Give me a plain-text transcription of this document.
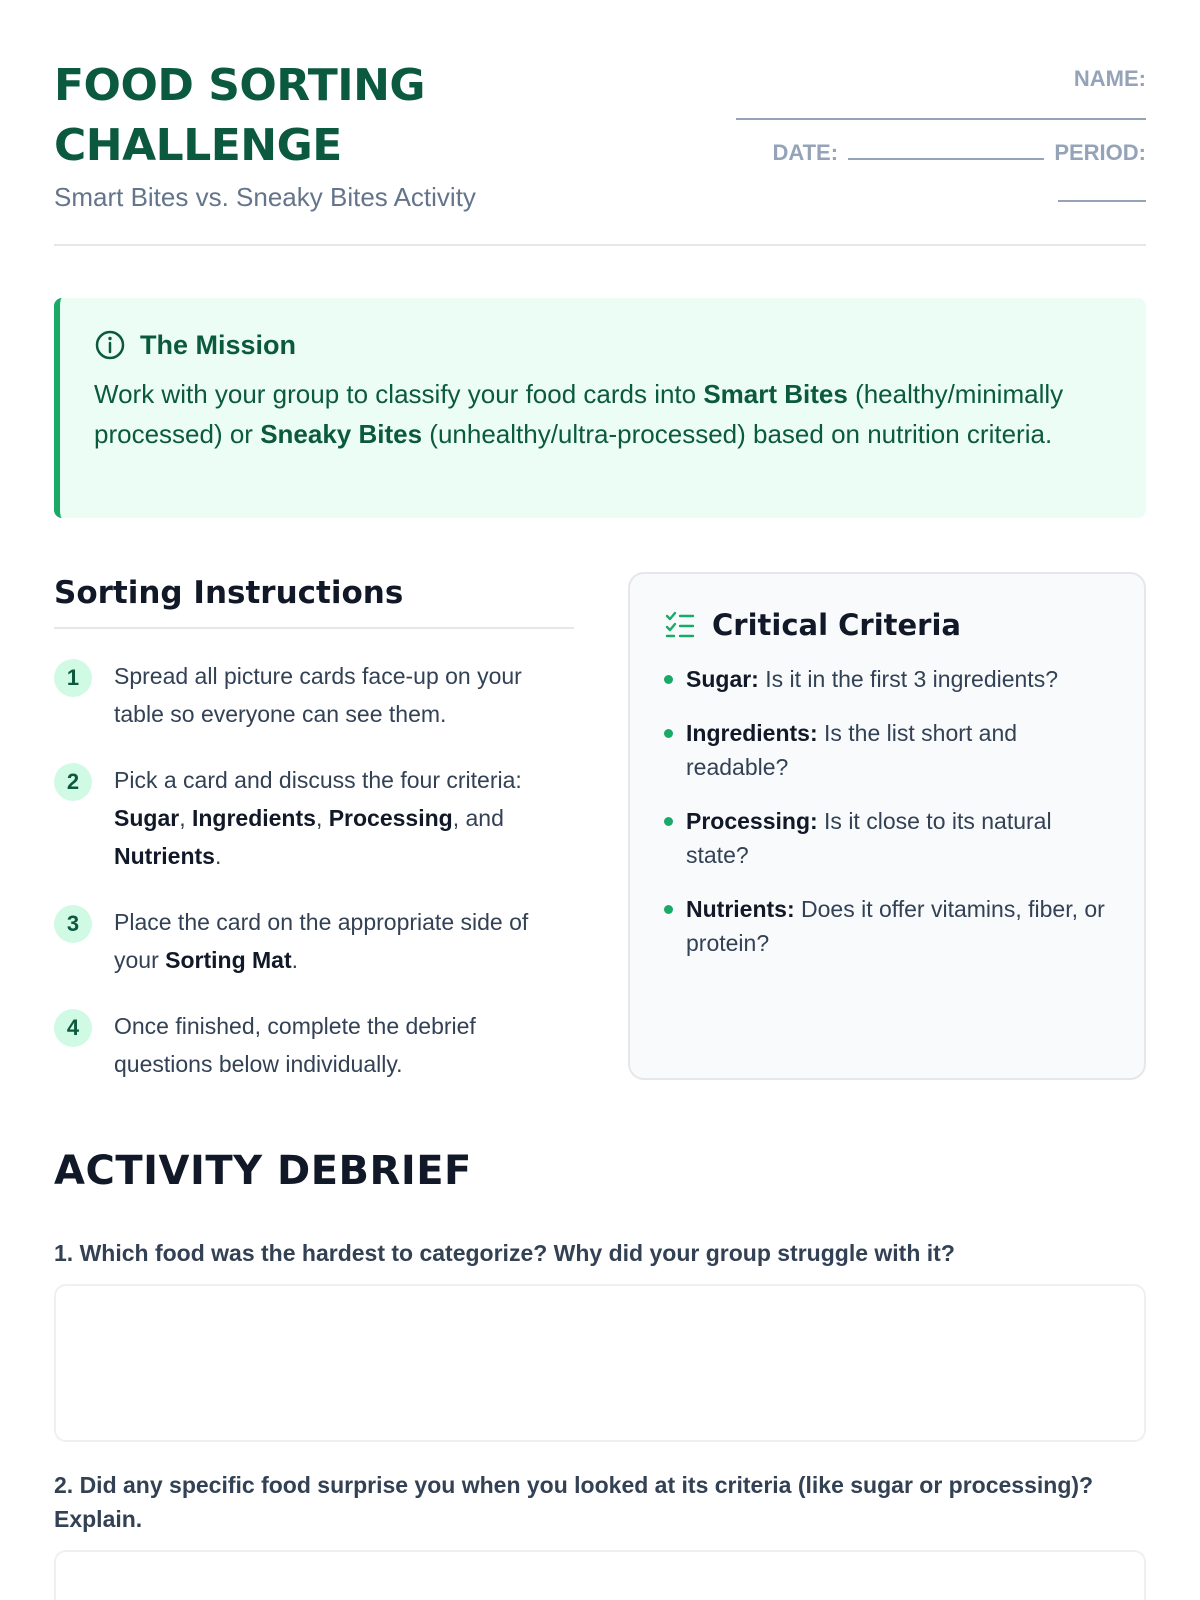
FOOD SORTING
CHALLENGE
Smart Bites vs. Sneaky Bites Activity
NAME:
DATE:	PERIOD:
The Mission
Work with your group to classify your food cards into Smart Bites (healthy/minimally processed) or Sneaky Bites (unhealthy/ultra-processed) based on nutrition criteria.
Sorting Instructions
1	Spread all picture cards face-up on your table so everyone can see them.
2	Pick a card and discuss the four criteria: Sugar, Ingredients, Processing, and Nutrients.
3	Place the card on the appropriate side of your Sorting Mat.
4	Once finished, complete the debrief questions below individually.
Critical Criteria
Sugar: Is it in the first 3 ingredients?
Ingredients: Is the list short and readable?
Processing: Is it close to its natural state?
Nutrients: Does it offer vitamins, fiber, or protein?
ACTIVITY DEBRIEF
1. Which food was the hardest to categorize? Why did your group struggle with it?
2. Did any specific food surprise you when you looked at its criteria (like sugar or processing)? Explain.
